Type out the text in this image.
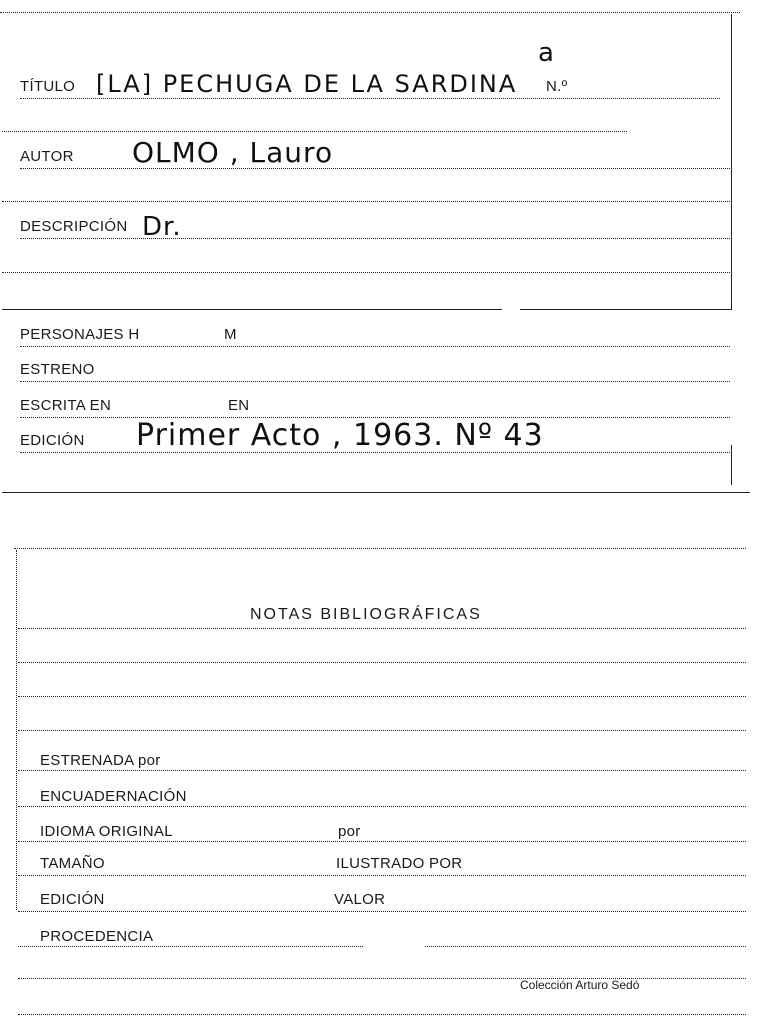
TÍTULO [LA] PECHUGA DE LA SARDINA
a
N.º
AUTOR OLMO , Lauro
DESCRIPCIÓN Dr.
PERSONAJES H	M
ESTRENO
ESCRITA EN	EN
EDICIÓN Primer Acto , 1963. Nº 43
NOTAS BIBLIOGRÁFICAS
ESTRENADA por
ENCUADERNACIÓN
IDIOMA ORIGINAL	por
TAMAÑO	ILUSTRADO POR
EDICIÓN	VALOR
PROCEDENCIA
Colección Arturo Sedó
